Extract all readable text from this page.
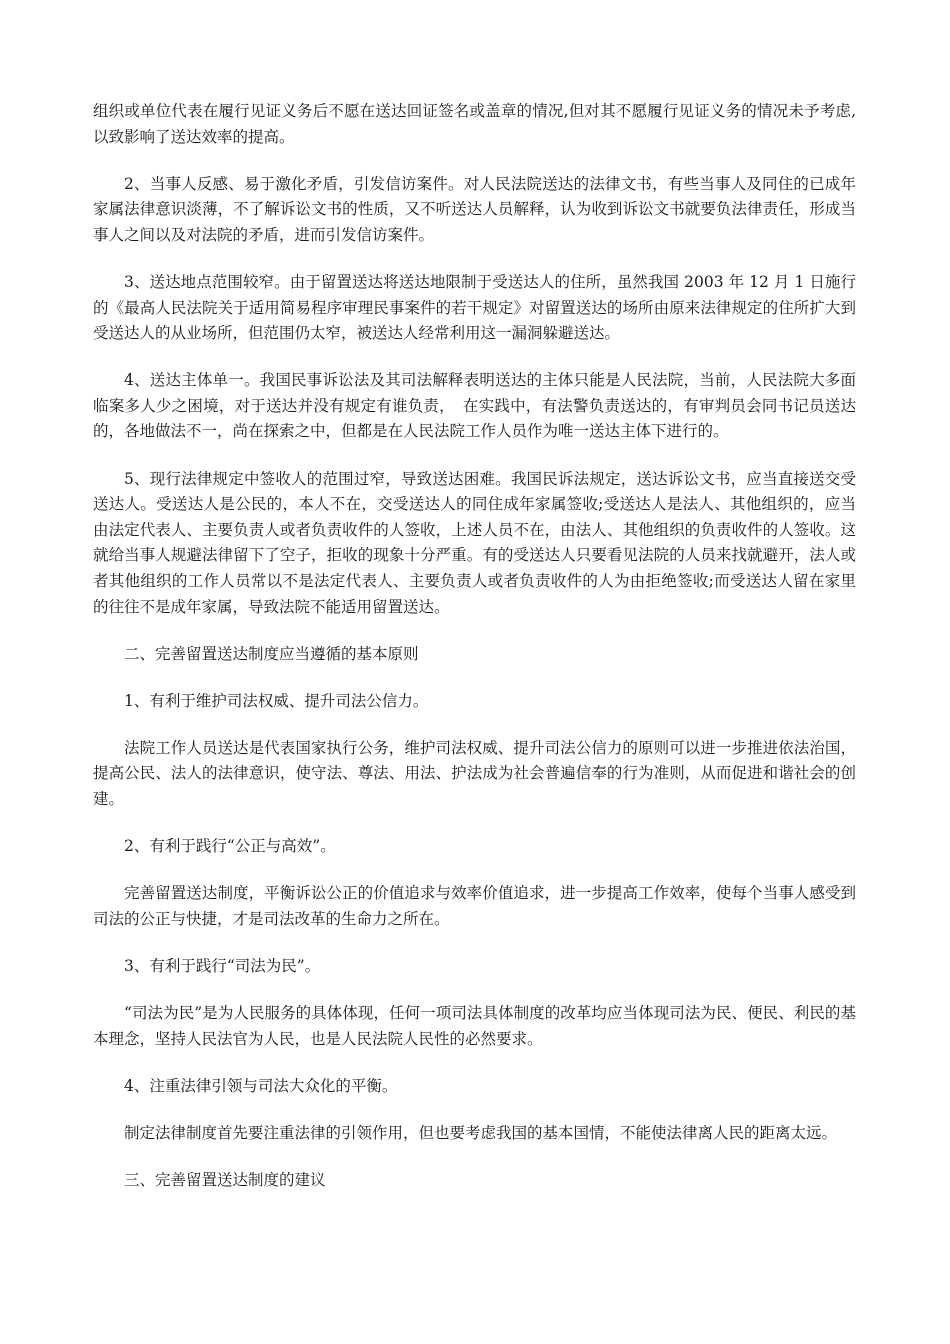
组织或单位代表在履行见证义务后不愿在送达回证签名或盖章的情况,但对其不愿履行见证义务的情况未予考虑,以致影响了送达效率的提高。

2、当事人反感、易于激化矛盾，引发信访案件。对人民法院送达的法律文书，有些当事人及同住的已成年家属法律意识淡薄，不了解诉讼文书的性质，又不听送达人员解释，认为收到诉讼文书就要负法律责任，形成当事人之间以及对法院的矛盾，进而引发信访案件。

3、送达地点范围较窄。由于留置送达将送达地限制于受送达人的住所，虽然我国 2003 年 12 月 1 日施行的《最高人民法院关于适用简易程序审理民事案件的若干规定》对留置送达的场所由原来法律规定的住所扩大到受送达人的从业场所，但范围仍太窄，被送达人经常利用这一漏洞躲避送达。

4、送达主体单一。我国民事诉讼法及其司法解释表明送达的主体只能是人民法院，当前，人民法院大多面临案多人少之困境，对于送达并没有规定有谁负责，　在实践中，有法警负责送达的，有审判员会同书记员送达的，各地做法不一，尚在探索之中，但都是在人民法院工作人员作为唯一送达主体下进行的。

5、现行法律规定中签收人的范围过窄，导致送达困难。我国民诉法规定，送达诉讼文书，应当直接送交受送达人。受送达人是公民的，本人不在，交受送达人的同住成年家属签收;受送达人是法人、其他组织的，应当由法定代表人、主要负责人或者负责收件的人签收，上述人员不在，由法人、其他组织的负责收件的人签收。这就给当事人规避法律留下了空子，拒收的现象十分严重。有的受送达人只要看见法院的人员来找就避开，法人或者其他组织的工作人员常以不是法定代表人、主要负责人或者负责收件的人为由拒绝签收;而受送达人留在家里的往往不是成年家属，导致法院不能适用留置送达。

二、完善留置送达制度应当遵循的基本原则

1、有利于维护司法权威、提升司法公信力。

法院工作人员送达是代表国家执行公务，维护司法权威、提升司法公信力的原则可以进一步推进依法治国，提高公民、法人的法律意识，使守法、尊法、用法、护法成为社会普遍信奉的行为准则，从而促进和谐社会的创建。

2、有利于践行“公正与高效”。

完善留置送达制度，平衡诉讼公正的价值追求与效率价值追求，进一步提高工作效率，使每个当事人感受到司法的公正与快捷，才是司法改革的生命力之所在。

3、有利于践行“司法为民”。

“司法为民”是为人民服务的具体体现，任何一项司法具体制度的改革均应当体现司法为民、便民、利民的基本理念，坚持人民法官为人民，也是人民法院人民性的必然要求。

4、注重法律引领与司法大众化的平衡。

制定法律制度首先要注重法律的引领作用，但也要考虑我国的基本国情，不能使法律离人民的距离太远。

三、完善留置送达制度的建议
